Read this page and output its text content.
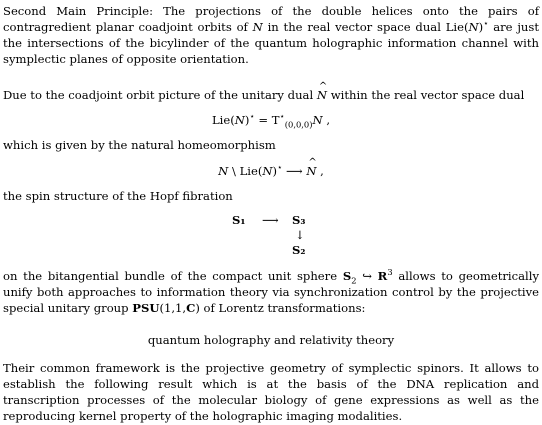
Second Main Principle: The projections of the double helices onto the pairs of contragredient planar coadjoint orbits of N in the real vector space dual Lie(N)⋆ are just the intersections of the bicylinder of the quantum holographic information channel with symplectic planes of opposite orientation.

Due to the coadjoint orbit picture of the unitary dual ^ N within the real vector space dual

$Lie(N)^⋆ = T^⋆_{(0,0,0)}N$ ,

which is given by the natural homeomorphism

N \ Lie(N)⋆ ⟶ ^ N ,

the spin structure of the Hopf fibration

S₁ ⟶ S₃
↓
S₂

on the bitangential bundle of the compact unit sphere $S_2$ ↪ $R^3$ allows to geometrically unify both approaches to information theory via synchronization control by the projective special unitary group PSU(1,1,C) of Lorentz transformations:

quantum holography and relativity theory

Their common framework is the projective geometry of symplectic spinors. It allows to establish the following result which is at the basis of the DNA replication and transcription processes of the molecular biology of gene expressions as well as the reproducing kernel property of the holographic imaging modalities.
